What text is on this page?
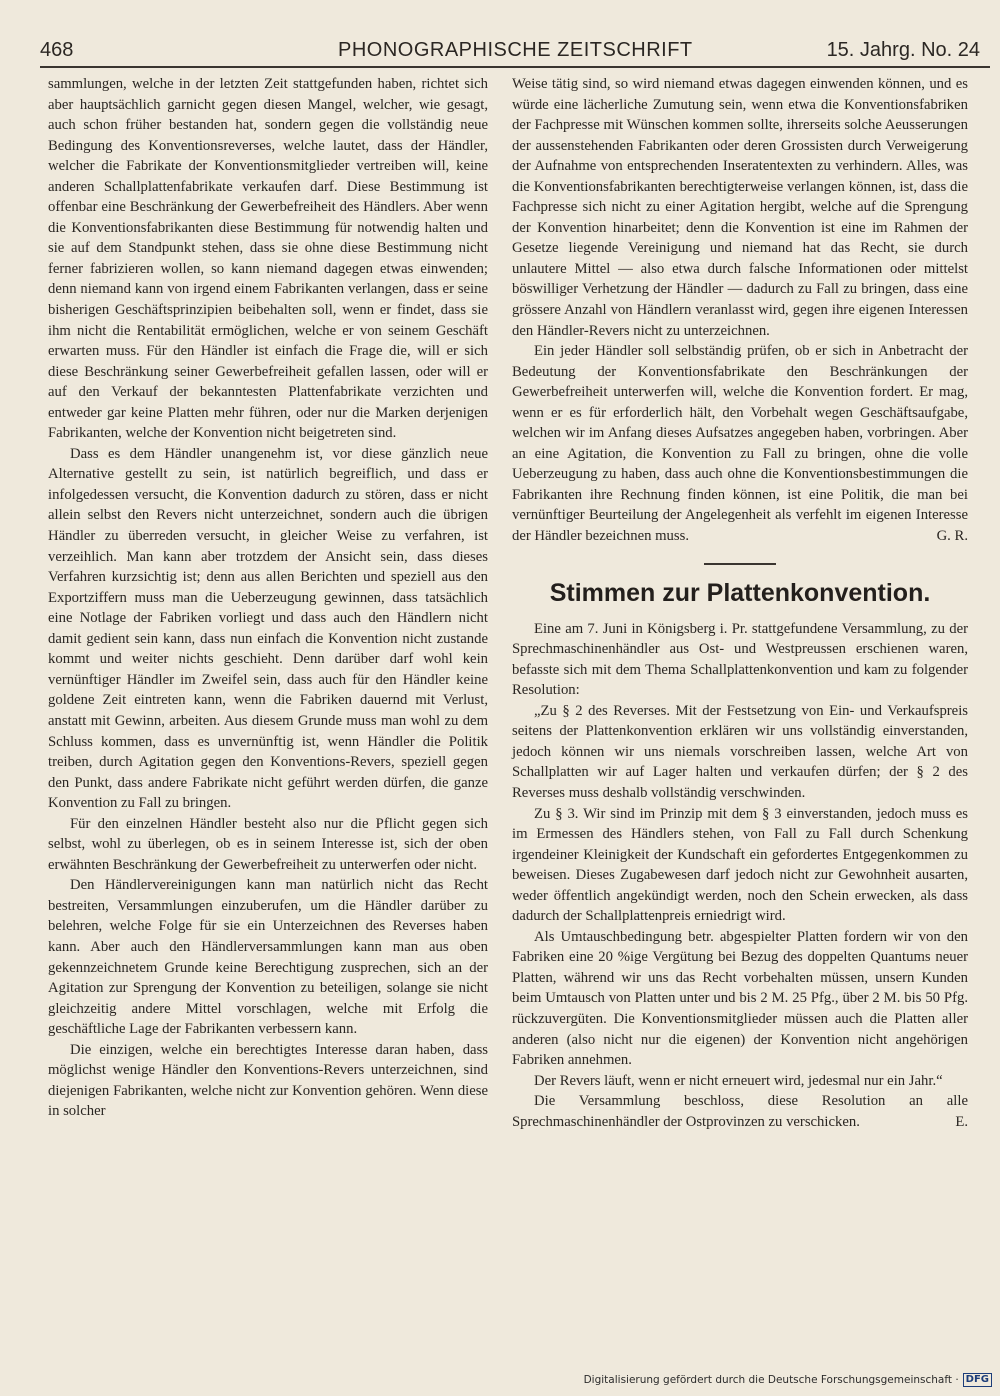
468	PHONOGRAPHISCHE ZEITSCHRIFT	15. Jahrg. No. 24

sammlungen, welche in der letzten Zeit stattgefunden haben, richtet sich aber hauptsächlich garnicht gegen diesen Mangel, welcher, wie gesagt, auch schon früher bestanden hat, sondern gegen die vollständig neue Bedingung des Konventionsreverses, welche lautet, dass der Händler, welcher die Fabrikate der Konventionsmitglieder vertreiben will, keine anderen Schallplattenfabrikate verkaufen darf. Diese Bestimmung ist offenbar eine Beschränkung der Gewerbefreiheit des Händlers. Aber wenn die Konventionsfabrikanten diese Bestimmung für notwendig halten und sie auf dem Standpunkt stehen, dass sie ohne diese Bestimmung nicht ferner fabrizieren wollen, so kann niemand dagegen etwas einwenden; denn niemand kann von irgend einem Fabrikanten verlangen, dass er seine bisherigen Geschäftsprinzipien beibehalten soll, wenn er findet, dass sie ihm nicht die Rentabilität ermöglichen, welche er von seinem Geschäft erwarten muss. Für den Händler ist einfach die Frage die, will er sich diese Beschränkung seiner Gewerbefreiheit gefallen lassen, oder will er auf den Verkauf der bekanntesten Plattenfabrikate verzichten und entweder gar keine Platten mehr führen, oder nur die Marken derjenigen Fabrikanten, welche der Konvention nicht beigetreten sind.

Dass es dem Händler unangenehm ist, vor diese gänzlich neue Alternative gestellt zu sein, ist natürlich begreiflich, und dass er infolgedessen versucht, die Konvention dadurch zu stören, dass er nicht allein selbst den Revers nicht unterzeichnet, sondern auch die übrigen Händler zu überreden versucht, in gleicher Weise zu verfahren, ist verzeihlich. Man kann aber trotzdem der Ansicht sein, dass dieses Verfahren kurzsichtig ist; denn aus allen Berichten und speziell aus den Exportziffern muss man die Ueberzeugung gewinnen, dass tatsächlich eine Notlage der Fabriken vorliegt und dass auch den Händlern nicht damit gedient sein kann, dass nun einfach die Konvention nicht zustande kommt und weiter nichts geschieht. Denn darüber darf wohl kein vernünftiger Händler im Zweifel sein, dass auch für den Händler keine goldene Zeit eintreten kann, wenn die Fabriken dauernd mit Verlust, anstatt mit Gewinn, arbeiten. Aus diesem Grunde muss man wohl zu dem Schluss kommen, dass es unvernünftig ist, wenn Händler die Politik treiben, durch Agitation gegen den Konventions-Revers, speziell gegen den Punkt, dass andere Fabrikate nicht geführt werden dürfen, die ganze Konvention zu Fall zu bringen.

Für den einzelnen Händler besteht also nur die Pflicht gegen sich selbst, wohl zu überlegen, ob es in seinem Interesse ist, sich der oben erwähnten Beschränkung der Gewerbefreiheit zu unterwerfen oder nicht.

Den Händlervereinigungen kann man natürlich nicht das Recht bestreiten, Versammlungen einzuberufen, um die Händler darüber zu belehren, welche Folge für sie ein Unterzeichnen des Reverses haben kann. Aber auch den Händlerversammlungen kann man aus oben gekennzeichnetem Grunde keine Berechtigung zusprechen, sich an der Agitation zur Sprengung der Konvention zu beteiligen, solange sie nicht gleichzeitig andere Mittel vorschlagen, welche mit Erfolg die geschäftliche Lage der Fabrikanten verbessern kann.

Die einzigen, welche ein berechtigtes Interesse daran haben, dass möglichst wenige Händler den Konventions-Revers unterzeichnen, sind diejenigen Fabrikanten, welche nicht zur Konvention gehören. Wenn diese in solcher

Weise tätig sind, so wird niemand etwas dagegen einwenden können, und es würde eine lächerliche Zumutung sein, wenn etwa die Konventionsfabriken der Fachpresse mit Wünschen kommen sollte, ihrerseits solche Aeusserungen der aussenstehenden Fabrikanten oder deren Grossisten durch Verweigerung der Aufnahme von entsprechenden Inseratentexten zu verhindern. Alles, was die Konventionsfabrikanten berechtigterweise verlangen können, ist, dass die Fachpresse sich nicht zu einer Agitation hergibt, welche auf die Sprengung der Konvention hinarbeitet; denn die Konvention ist eine im Rahmen der Gesetze liegende Vereinigung und niemand hat das Recht, sie durch unlautere Mittel — also etwa durch falsche Informationen oder mittelst böswilliger Verhetzung der Händler — dadurch zu Fall zu bringen, dass eine grössere Anzahl von Händlern veranlasst wird, gegen ihre eigenen Interessen den Händler-Revers nicht zu unterzeichnen.

Ein jeder Händler soll selbständig prüfen, ob er sich in Anbetracht der Bedeutung der Konventionsfabrikate den Beschränkungen der Gewerbefreiheit unterwerfen will, welche die Konvention fordert. Er mag, wenn er es für erforderlich hält, den Vorbehalt wegen Geschäftsaufgabe, welchen wir im Anfang dieses Aufsatzes angegeben haben, vorbringen. Aber an eine Agitation, die Konvention zu Fall zu bringen, ohne die volle Ueberzeugung zu haben, dass auch ohne die Konventionsbestimmungen die Fabrikanten ihre Rechnung finden können, ist eine Politik, die man bei vernünftiger Beurteilung der Angelegenheit als verfehlt im eigenen Interesse der Händler bezeichnen muss.	G. R.

Stimmen zur Plattenkonvention.

Eine am 7. Juni in Königsberg i. Pr. stattgefundene Versammlung, zu der Sprechmaschinenhändler aus Ost- und Westpreussen erschienen waren, befasste sich mit dem Thema Schallplattenkonvention und kam zu folgender Resolution:

„Zu § 2 des Reverses. Mit der Festsetzung von Ein- und Verkaufspreis seitens der Plattenkonvention erklären wir uns vollständig einverstanden, jedoch können wir uns niemals vorschreiben lassen, welche Art von Schallplatten wir auf Lager halten und verkaufen dürfen; der § 2 des Reverses muss deshalb vollständig verschwinden.

Zu § 3. Wir sind im Prinzip mit dem § 3 einverstanden, jedoch muss es im Ermessen des Händlers stehen, von Fall zu Fall durch Schenkung irgendeiner Kleinigkeit der Kundschaft ein gefordertes Entgegenkommen zu beweisen. Dieses Zugabewesen darf jedoch nicht zur Gewohnheit ausarten, weder öffentlich angekündigt werden, noch den Schein erwecken, als dass dadurch der Schallplattenpreis erniedrigt wird.

Als Umtauschbedingung betr. abgespielter Platten fordern wir von den Fabriken eine 20 %ige Vergütung bei Bezug des doppelten Quantums neuer Platten, während wir uns das Recht vorbehalten müssen, unsern Kunden beim Umtausch von Platten unter und bis 2 M. 25 Pfg., über 2 M. bis 50 Pfg. rückzuvergüten. Die Konventionsmitglieder müssen auch die Platten aller anderen (also nicht nur die eigenen) der Konvention nicht angehörigen Fabriken annehmen.

Der Revers läuft, wenn er nicht erneuert wird, jedesmal nur ein Jahr.“

Die Versammlung beschloss, diese Resolution an alle Sprechmaschinenhändler der Ostprovinzen zu verschicken.	E.

Digitalisierung gefördert durch die Deutsche Forschungsgemeinschaft · DFG
